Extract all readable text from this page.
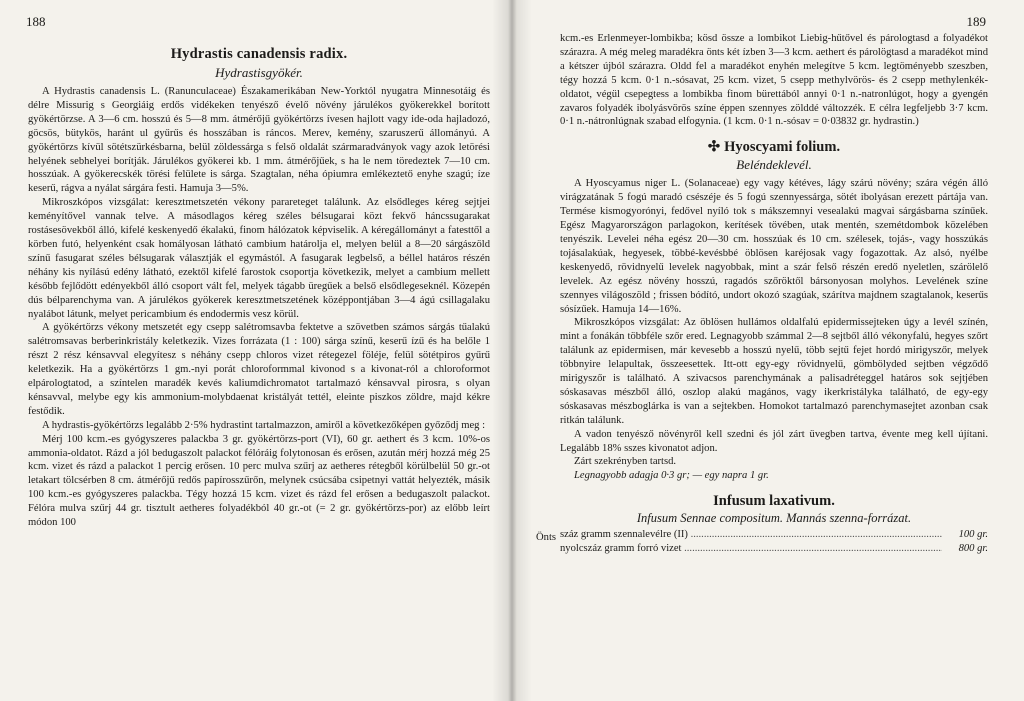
188
Hydrastis canadensis radix.
Hydrastisgyökér.

A Hydrastis canadensis L. (Ranunculaceae) Északamerikában New-Yorktól nyugatra Minnesotáig és délre Missurig s Georgiáig erdős vidékeken tenyésző évelő növény járulékos gyökerekkel borított gyökértörzse. A 3—6 cm. hosszú és 5—8 mm. átmérőjű gyökértörzs ívesen hajlott vagy ide-oda hajladozó, göcsös, bütykös, haránt ul gyűrűs és hosszában is ráncos. Merev, kemény, szaruszerű állományú. A gyökértörzs kívül sötétszürkésbarna, belül zöldessárga s felső oldalát szármaradványok vagy azok letörési helyének sebhelyei borítják. Járulékos gyökerei kb. 1 mm. átmérőjűek, s ha le nem töredeztek 7—10 cm. hosszúak. A gyökerecskék törési felülete is sárga. Szagtalan, néha ópiumra emlékeztető enyhe szagú; íze keserű, rágva a nyálat sárgára festi. Hamuja 3—5%.

Mikroszkópos vizsgálat: keresztmetszetén vékony parareteget találunk. Az elsődleges kéreg sejtjei keményítővel vannak telve. A másodlagos kéreg széles bélsugarai közt fekvő háncssugarakat rostásesövekből álló, kifelé keskenyedő ékalakú, finom hálózatok képviselik. A kéregállományt a fatesttől a körben futó, helyenként csak homályosan látható cambium határolja el, melyen belül a 8—20 sárgászöld színű fasugarat széles bélsugarak választják el egymástól. A fasugarak legbelső, a béllel határos részén néhány kis nyílású edény látható, ezektől kifelé farostok csoportja következik, melyet a cambium mellett később fejlődött edényekből álló csoport vált fel, melyek tágabb üregűek a belső elsődlegeseknél. Közepén dús bélparenchyma van. A járulékos gyökerek keresztmetszetének középpontjában 3—4 ágú csillagalaku nyalábot látunk, melyet pericambium és endodermis vesz körül.

A gyökértörzs vékony metszetét egy csepp salétromsavba fektetve a szövetben számos sárgás tűalakú salétromsavas berberinkristály keletkezik. Vizes forrázata (1 : 100) sárga színű, keserű ízű és ha belőle 1 részt 2 rész kénsavval elegyítesz s néhány csepp chloros vizet rétegezel föléje, felül sötétpiros gyűrű keletkezik. Ha a gyökértörzs 1 gm.-nyi porát chloroformmal kivonod s a kivonat-ról a chloroformot elpárologtatod, a színtelen maradék kevés kaliumdichromatot tartalmazó kénsavval pirosra, s olyan kénsavval, melybe egy kis ammonium-molybdaenat kristályát tettél, eleinte piszkos zöldre, majd kékre festődik.

A hydrastis-gyökértörzs legalább 2·5% hydrastint tartalmazzon, amiről a következőképen győződj meg :

Mérj 100 kcm.-es gyógyszeres palackba 3 gr. gyökértörzs-port (VI), 60 gr. aethert és 3 kcm. 10%-os ammonia-oldatot. Rázd a jól bedugaszolt palackot félóráig folytonosan és erősen, azután mérj hozzá még 25 kcm. vizet és rázd a palackot 1 percig erősen. 10 perc mulva szűrj az aetheres rétegből körülbelül 50 gr.-ot letakart tölcsérben 8 cm. átmérőjű redős papírosszűrőn, melynek csúcsába csipetnyi vattát helyezték, másik 100 kcm.-es gyógyszeres palackba. Tégy hozzá 15 kcm. vizet és rázd fel erősen a bedugaszolt palackot. Félóra mulva szűrj 44 gr. tisztult aetheres folyadékból 40 gr.-ot (= 2 gr. gyökértörzs-por) az előbb leírt módon 100

189

kcm.-es Erlenmeyer-lombikba; kösd össze a lombikot Liebig-hűtővel és párologtasd a folyadékot szárazra. A még meleg maradékra önts két ízben 3—3 kcm. aethert és párolögtasd a maradékot mind a kétszer újból szárazra. Oldd fel a maradékot enyhén melegítve 5 kcm. legtöményebb szeszben, tégy hozzá 5 kcm. 0·1 n.-sósavat, 25 kcm. vizet, 5 csepp methylvörös- és 2 csepp methylenkék-oldatot, végül csepegtess a lombikba finom bürettából annyi 0·1 n.-natronlúgot, hogy a gyengén zavaros folyadék ibolyásvörös színe éppen szennyes zölddé változzék. E célra legfeljebb 3·7 kcm. 0·1 n.-nátronlúgnak szabad elfogynia. (1 kcm. 0·1 n.-sósav = 0·03832 gr. hydrastin.)

✣ Hyoscyami folium.
Beléndeklevél.

A Hyoscyamus niger L. (Solanaceae) egy vagy kétéves, lágy szárú növény; szára végén álló virágzatának 5 fogú maradó csészéje és 5 fogú szennyessárga, sötét ibolyásan erezett pártája van. Termése kismogyorónyi, fedővel nyíló tok s mákszemnyi vesealakú magvai sárgásbarna színűek. Egész Magyarországon parlagokon, kerítések tövében, utak mentén, szemétdombok közelében tenyészik. Levelei néha egész 20—30 cm. hosszúak és 10 cm. szélesek, tojás-, vagy hosszúkás tojásalakúak, hegyesek, többé-kevésbbé öblösen karéjosak vagy fogazottak. Az alsó, nyélbe keskenyedő, rövidnyelű levelek nagyobbak, mint a szár felső részén eredő nyeletlen, szárölelő levelek. Az egész növény hosszú, ragadós szőröktől bársonyosan molyhos. Levelének színe szennyes világoszöld ; frissen bódító, undort okozó szagúak, szárítva majdnem szagtalanok, keserűs sósízűek. Hamuja 14—16%.

Mikroszkópos vizsgálat: Az öblösen hullámos oldalfalú epidermissejteken úgy a levél színén, mint a fonákán többféle szőr ered. Legnagyobb számmal 2—8 sejtből álló vékonyfalú, hegyes szőrt találunk az epidermisen, már kevesebb a hosszú nyelű, több sejtű fejet hordó mirigyszőr, melyek többnyire lelapultak, összeesettek. Itt-ott egy-egy rövidnyelű, gömbölyded sejtben végződő mirigyszőr is található. A szivacsos parenchymának a palisadréteggel határos sok sejtjében sóskasavas mészből álló, oszlop alakú magános, vagy ikerkristályka található, de egy-egy sóskasavas mészboglárka is van a sejtekben. Homokot tartalmazó parenchymasejtet azonban csak ritkán találunk.

A vadon tenyésző növényről kell szedni és jól zárt üvegben tartva, évente meg kell újítani. Legalább 18% sszes kivonatot adjon.

Zárt szekrényben tartsd.

Legnagyobb adagja 0·3 gr; — egy napra 1 gr.

Infusum laxativum.
Infusum Sennae compositum. Mannás szenna-forrázat.
Önts száz gramm szennalevélre (II) .....	100 gr.
nyolcszáz gramm forró vizet .....	800 gr.
